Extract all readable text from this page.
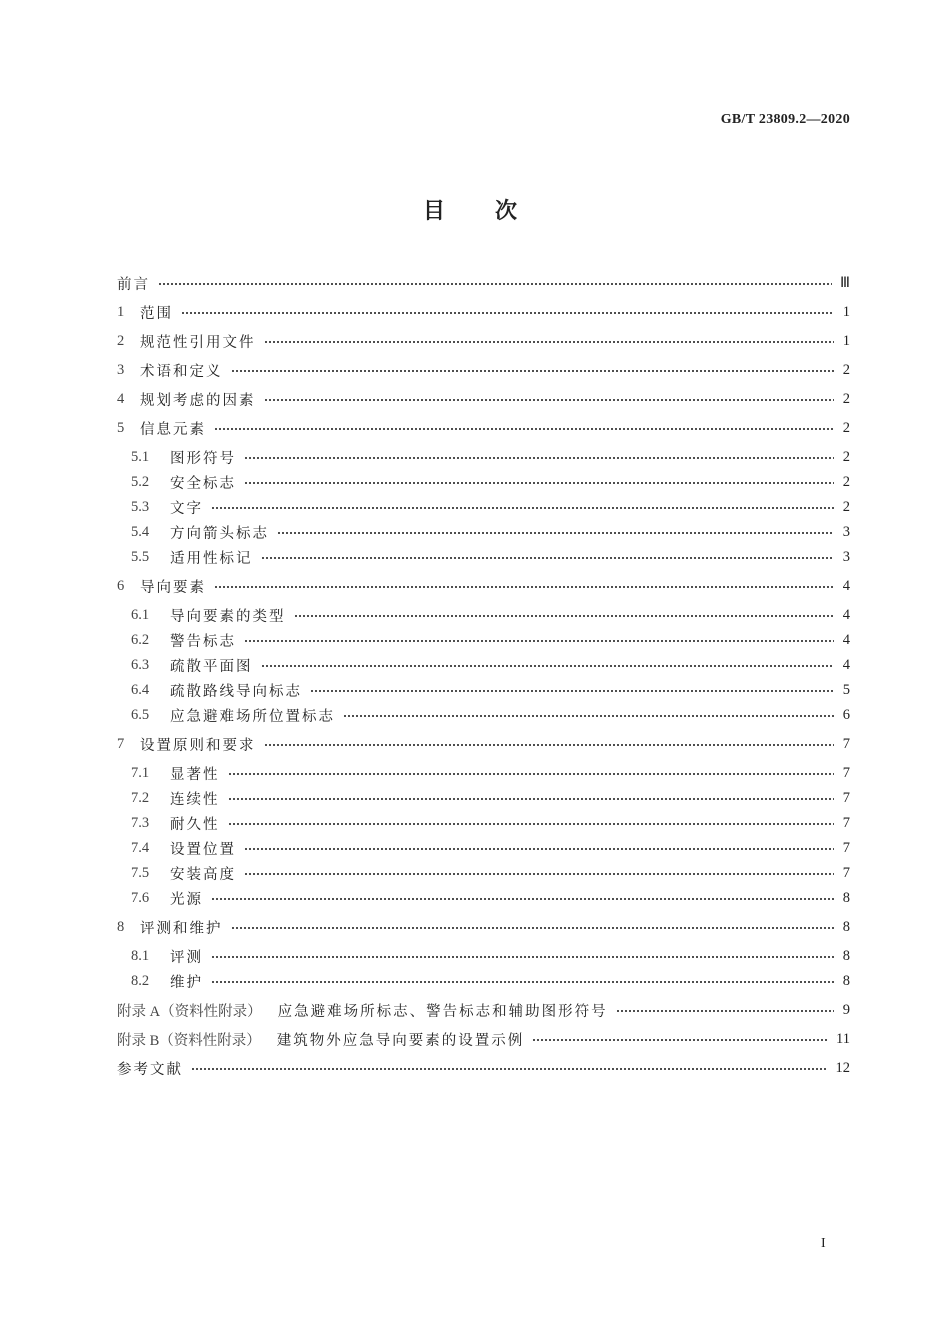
GB/T 23809.2—2020
目次
前言	Ⅲ
1	范围	1
2	规范性引用文件	1
3	术语和定义	2
4	规划考虑的因素	2
5	信息元素	2
5.1	图形符号	2
5.2	安全标志	2
5.3	文字	2
5.4	方向箭头标志	3
5.5	适用性标记	3
6	导向要素	4
6.1	导向要素的类型	4
6.2	警告标志	4
6.3	疏散平面图	4
6.4	疏散路线导向标志	5
6.5	应急避难场所位置标志	6
7	设置原则和要求	7
7.1	显著性	7
7.2	连续性	7
7.3	耐久性	7
7.4	设置位置	7
7.5	安装高度	7
7.6	光源	8
8	评测和维护	8
8.1	评测	8
8.2	维护	8
附录 A（资料性附录） 应急避难场所标志、警告标志和辅助图形符号	9
附录 B（资料性附录） 建筑物外应急导向要素的设置示例	11
参考文献	12
I
